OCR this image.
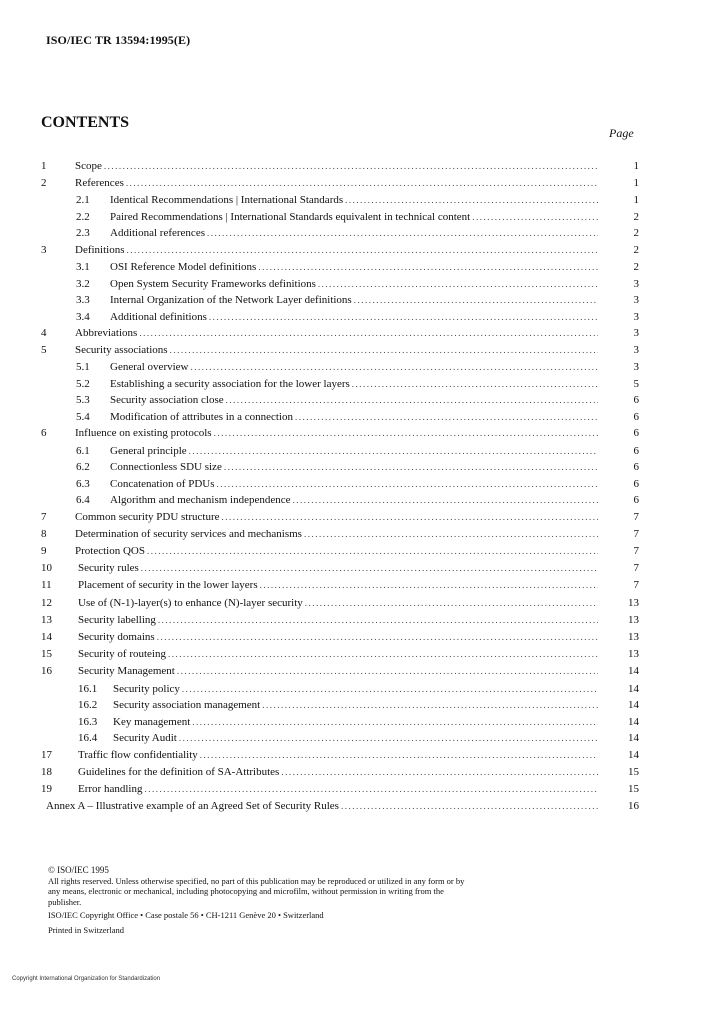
ISO/IEC TR 13594:1995(E)
CONTENTS
Page
1	Scope .....	1
2	References .....	1
2.1 Identical Recommendations | International Standards .....	1
2.2 Paired Recommendations | International Standards equivalent in technical content .....	2
2.3 Additional references .....	2
3	Definitions .....	2
3.1 OSI Reference Model definitions .....	2
3.2 Open System Security Frameworks definitions .....	3
3.3 Internal Organization of the Network Layer definitions .....	3
3.4 Additional definitions .....	3
4	Abbreviations .....	3
5	Security associations .....	3
5.1 General overview .....	3
5.2 Establishing a security association for the lower layers .....	5
5.3 Security association close .....	6
5.4 Modification of attributes in a connection .....	6
6	Influence on existing protocols .....	6
6.1 General principle .....	6
6.2 Connectionless SDU size .....	6
6.3 Concatenation of PDUs .....	6
6.4 Algorithm and mechanism independence .....	6
7	Common security PDU structure .....	7
8	Determination of security services and mechanisms .....	7
9	Protection QOS .....	7
10 Security rules .....	7
11 Placement of security in the lower layers .....	7
12 Use of (N-1)-layer(s) to enhance (N)-layer security .....	13
13 Security labelling .....	13
14 Security domains .....	13
15 Security of routeing .....	13
16 Security Management .....	14
16.1 Security policy .....	14
16.2 Security association management .....	14
16.3 Key management .....	14
16.4 Security Audit .....	14
17 Traffic flow confidentiality .....	14
18 Guidelines for the definition of SA-Attributes .....	15
19 Error handling .....	15
Annex A – Illustrative example of an Agreed Set of Security Rules .....	16
© ISO/IEC 1995
All rights reserved. Unless otherwise specified, no part of this publication may be reproduced or utilized in any form or by any means, electronic or mechanical, including photocopying and microfilm, without permission in writing from the publisher.
ISO/IEC Copyright Office • Case postale 56 • CH-1211 Genève 20 • Switzerland
Printed in Switzerland
Copyright International Organization for Standardization
